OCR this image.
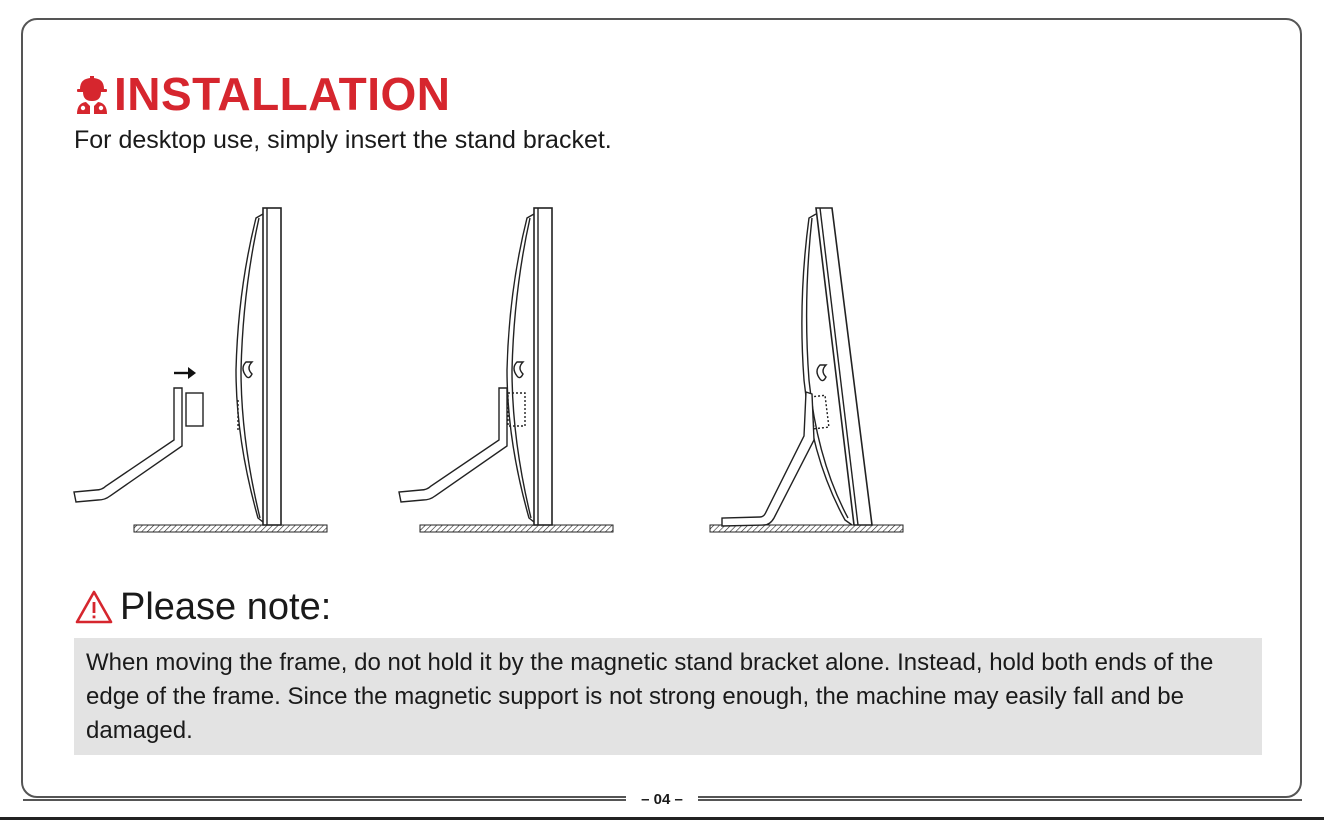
INSTALLATION
For desktop use, simply insert the stand bracket.
Please note:
When moving the frame, do not hold it by the magnetic stand bracket alone. Instead, hold both ends of the edge of the frame. Since the magnetic support is not strong enough, the machine may easily fall and be damaged.
– 04 –
